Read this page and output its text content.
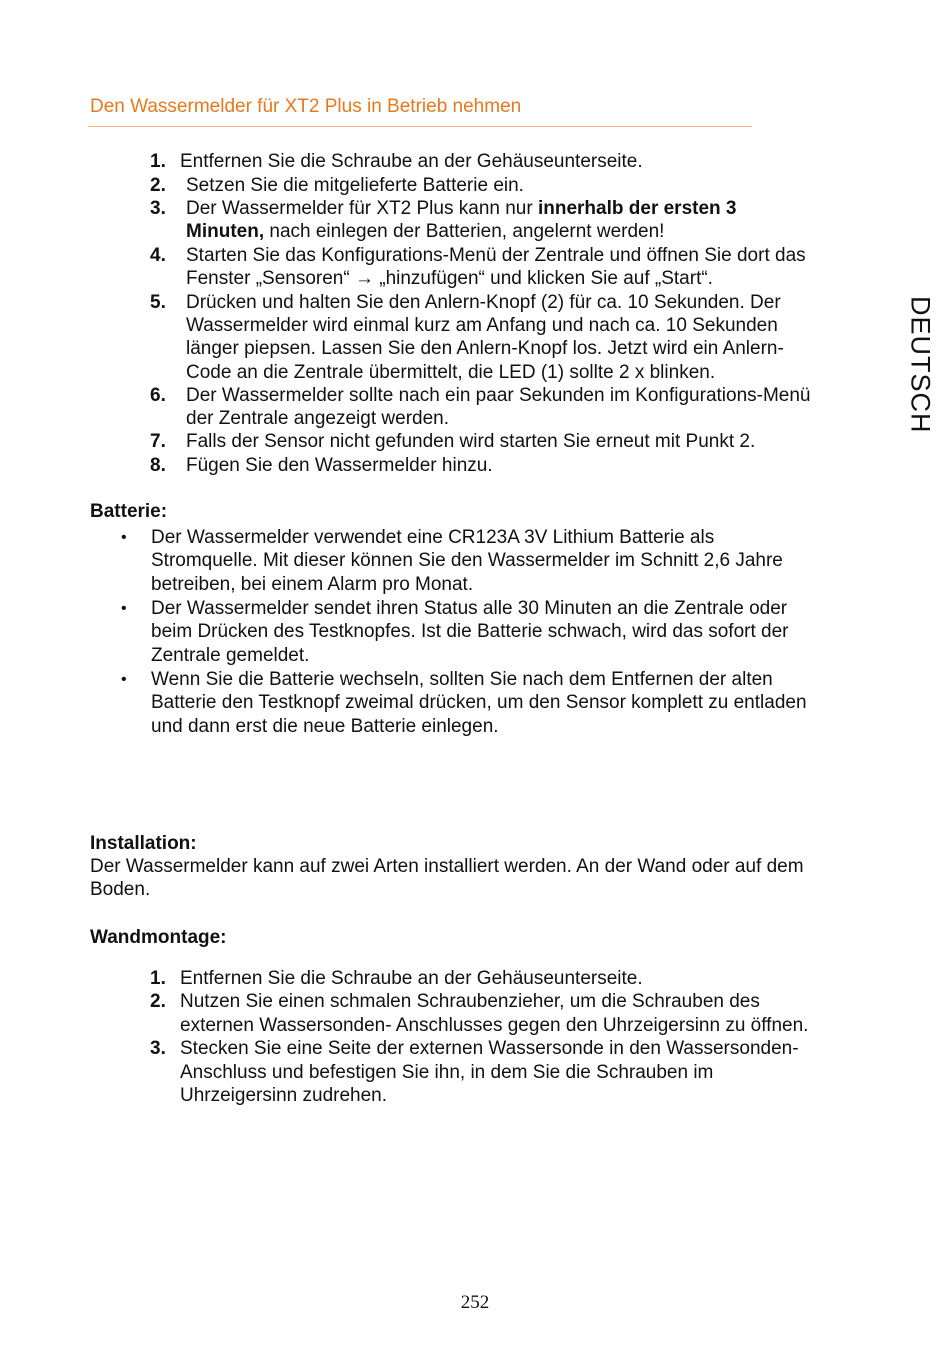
Den Wassermelder für XT2 Plus in Betrieb nehmen
DEUTSCH
1. Entfernen Sie die Schraube an der Gehäuseunterseite.
2. Setzen Sie die mitgelieferte Batterie ein.
3. Der Wassermelder für XT2 Plus kann nur innerhalb der ersten 3
Minuten, nach einlegen der Batterien, angelernt werden!
4. Starten Sie das Konfigurations-Menü der Zentrale und öffnen Sie dort das
Fenster „Sensoren“ → „hinzufügen“ und klicken Sie auf „Start“.
5. Drücken und halten Sie den Anlern-Knopf (2) für ca. 10 Sekunden. Der
Wassermelder wird einmal kurz am Anfang und nach ca. 10 Sekunden
länger piepsen. Lassen Sie den Anlern-Knopf los. Jetzt wird ein Anlern-
Code an die Zentrale übermittelt, die LED (1) sollte 2 x blinken.
6. Der Wassermelder sollte nach ein paar Sekunden im Konfigurations-Menü
der Zentrale angezeigt werden.
7. Falls der Sensor nicht gefunden wird starten Sie erneut mit Punkt 2.
8. Fügen Sie den Wassermelder hinzu.
Batterie:
• Der Wassermelder verwendet eine CR123A 3V Lithium Batterie als
Stromquelle. Mit dieser können Sie den Wassermelder im Schnitt 2,6 Jahre
betreiben, bei einem Alarm pro Monat.
• Der Wassermelder sendet ihren Status alle 30 Minuten an die Zentrale oder
beim Drücken des Testknopfes. Ist die Batterie schwach, wird das sofort der
Zentrale gemeldet.
• Wenn Sie die Batterie wechseln, sollten Sie nach dem Entfernen der alten
Batterie den Testknopf zweimal drücken, um den Sensor komplett zu entladen
und dann erst die neue Batterie einlegen.
Installation:
Der Wassermelder kann auf zwei Arten installiert werden. An der Wand oder auf dem
Boden.
Wandmontage:
1. Entfernen Sie die Schraube an der Gehäuseunterseite.
2. Nutzen Sie einen schmalen Schraubenzieher, um die Schrauben des
externen Wassersonden- Anschlusses gegen den Uhrzeigersinn zu öffnen.
3. Stecken Sie eine Seite der externen Wassersonde in den Wassersonden-
Anschluss und befestigen Sie ihn, in dem Sie die Schrauben im
Uhrzeigersinn zudrehen.
252
